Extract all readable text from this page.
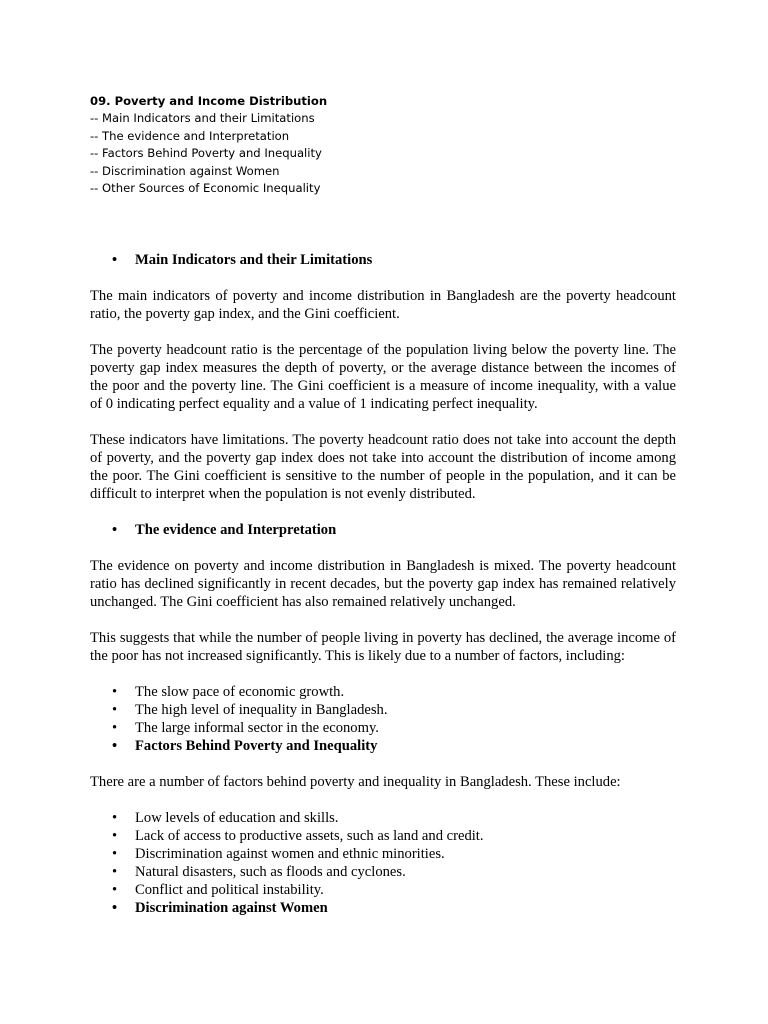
09. Poverty and Income Distribution
-- Main Indicators and their Limitations
-- The evidence and Interpretation
-- Factors Behind Poverty and Inequality
-- Discrimination against Women
-- Other Sources of Economic Inequality
• Main Indicators and their Limitations

The main indicators of poverty and income distribution in Bangladesh are the poverty headcount ratio, the poverty gap index, and the Gini coefficient.

The poverty headcount ratio is the percentage of the population living below the poverty line. The poverty gap index measures the depth of poverty, or the average distance between the incomes of the poor and the poverty line. The Gini coefficient is a measure of income inequality, with a value of 0 indicating perfect equality and a value of 1 indicating perfect inequality.

These indicators have limitations. The poverty headcount ratio does not take into account the depth of poverty, and the poverty gap index does not take into account the distribution of income among the poor. The Gini coefficient is sensitive to the number of people in the population, and it can be difficult to interpret when the population is not evenly distributed.

• The evidence and Interpretation

The evidence on poverty and income distribution in Bangladesh is mixed. The poverty headcount ratio has declined significantly in recent decades, but the poverty gap index has remained relatively unchanged. The Gini coefficient has also remained relatively unchanged.

This suggests that while the number of people living in poverty has declined, the average income of the poor has not increased significantly. This is likely due to a number of factors, including:

• The slow pace of economic growth.
• The high level of inequality in Bangladesh.
• The large informal sector in the economy.
• Factors Behind Poverty and Inequality

There are a number of factors behind poverty and inequality in Bangladesh. These include:

• Low levels of education and skills.
• Lack of access to productive assets, such as land and credit.
• Discrimination against women and ethnic minorities.
• Natural disasters, such as floods and cyclones.
• Conflict and political instability.
• Discrimination against Women
